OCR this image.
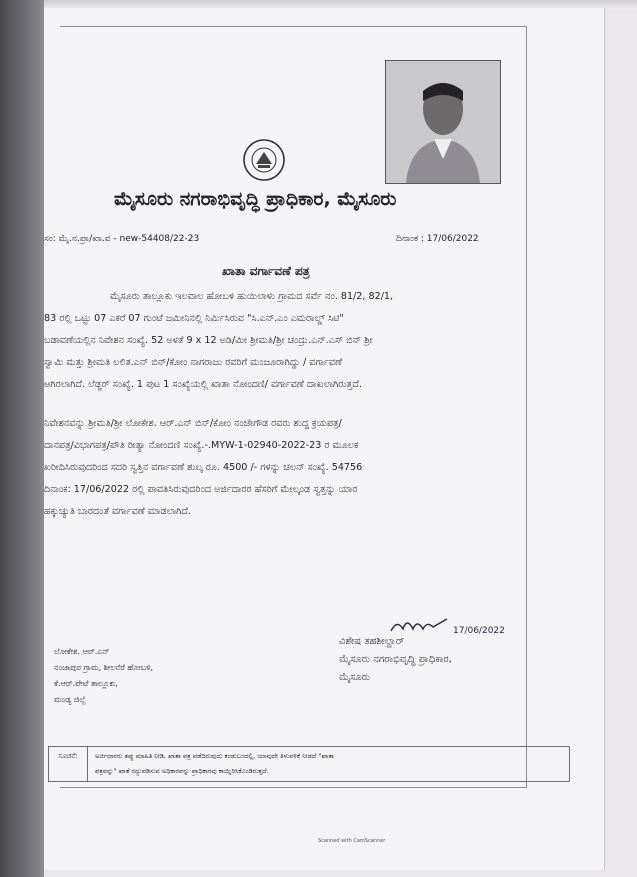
ಮೈಸೂರು ನಗರಾಭಿವೃದ್ಧಿ ಪ್ರಾಧಿಕಾರ, ಮೈಸೂರು
ಸಂ: ಮೈ.ನ.ಪ್ರಾ/ಖಾ.ವ - new-54408/22-23	ದಿನಾಂಕ : 17/06/2022
ಖಾತಾ ವರ್ಗಾವಣೆ ಪತ್ರ
ಮೈಸೂರು ತಾಲ್ಲೂಕು ಇಲವಾಲ ಹೋಬಳಿ ಹುಯಿಲಾಳು ಗ್ರಾಮದ ಸರ್ವೆ ನಂ. 81/2, 82/1,
83 ರಲ್ಲಿ ಒಟ್ಟು 07 ಎಕರೆ 07 ಗುಂಟೆ ಜಮೀನಿನಲ್ಲಿ ನಿರ್ಮಿಸಿರುವ "ಸಿ.ಎನ್.ಎಂ ಎಮರಾಲ್ಡ್ ಸಿಟಿ"
ಬಡಾವಣೆಯಲ್ಲಿನ ನಿವೇಶನ ಸಂಖ್ಯೆ. 52 ಅಳತೆ 9 x 12 ಅಡಿ/ಮೀ ಶ್ರೀಮತಿ/ಶ್ರೀ ಚಂದ್ರು.ಎನ್.ಎಸ್ ಬಿನ್ ಶ್ರೀ
ಸ್ವಾಮಿ ಮತ್ತು ಶ್ರೀಮತಿ ಲಲಿತ.ಎನ್ ಬಿನ್/ಕೋಂ ನಾಗರಾಜು ರವರಿಗೆ ಮಂಜೂರಾಗಿದ್ದು / ವರ್ಗಾವಣೆ
ಆಗಿರಲಾಗಿದೆ. ಲೆಡ್ಜರ್ ಸಂಖ್ಯೆ. 1 ಪುಟ 1 ಸಂಖ್ಯೆಯಲ್ಲಿ ಖಾತಾ ನೋಂದಣಿ/ ವರ್ಗಾವಣೆ ದಾಖಲಾಗಿರುತ್ತದೆ.
ನಿವೇಶನವನ್ನು ಶ್ರೀಮತಿ/ಶ್ರೀ ಲೋಕೇಶ. ಆರ್.ಎನ್ ಬಿನ್/ಕೋಂ ನಂಜೇಗೌಡ ರವರು ಶುದ್ಧ ಕ್ರಯಪತ್ರ/
ದಾನಪತ್ರ/ವಿಭಾಗಪತ್ರ/ಪೌತಿ ರೀತ್ಯಾ ನೋಂದಣಿ ಸಂಖ್ಯೆ.-.MYW-1-02940-2022-23 ರ ಮೂಲಕ
ಖರೀದಿಸಿರುವುದರಿಂದ ಸದರಿ ಸ್ವತ್ತಿನ ವರ್ಗಾವಣೆ ಶುಲ್ಕ ರೂ. 4500 /- ಗಳನ್ನು ಚಲನ್ ಸಂಖ್ಯೆ. 54756
ದಿನಾಂಕ: 17/06/2022 ರಲ್ಲಿ ಪಾವತಿಸಿರುವುದರಿಂದ ಅರ್ಜಿದಾರರ ಹೆಸರಿಗೆ ಮೇಲ್ಕಂಡ ಸ್ವತ್ತನ್ನು ಯಾರ
ಹಕ್ಕುಚ್ಯುತಿ ಬಾರದಂತೆ ವರ್ಗಾವಣೆ ಮಾಡಲಾಗಿದೆ.
17/06/2022
ವಿಶೇಷ ತಹಶೀಲ್ದಾರ್
ಮೈಸೂರು ನಗರಾಭಿವೃದ್ಧಿ ಪ್ರಾಧಿಕಾರ,
ಮೈಸೂರು
ಲೋಕೇಶ. ಆರ್.ಎನ್
ನಂಜಾಪುರ ಗ್ರಾಮ, ಶೀಲನೆರೆ ಹೋಬಳಿ,
ಕೆ.ಆರ್.ಪೇಟೆ ತಾಲ್ಲೂಕು,
ಮಂಡ್ಯ ಜಿಲ್ಲೆ
ಸೂಚನೆ:	ಅರ್ಜಿದಾರರು ತಪ್ಪು ಮಾಹಿತಿ ನೀಡಿ, ಖಾತಾ ಪತ್ರ ಪಡೆದಿರುವುದು ಕಂಡುಬಂದಲ್ಲಿ, ಯಾವುದೇ ತಿಳುವಳಿಕೆ ನೀಡದೆ "ಖಾತಾ
ಪತ್ರವನ್ನು" ಖಾತೆ ರದ್ದುಪಡಿಸುವ ಅಧಿಕಾರವನ್ನು ಪ್ರಾಧಿಕಾರವು ಕಾಯ್ದಿರಿಸಿಕೊಂಡಿರುತ್ತದೆ.
Scanned with CamScanner
